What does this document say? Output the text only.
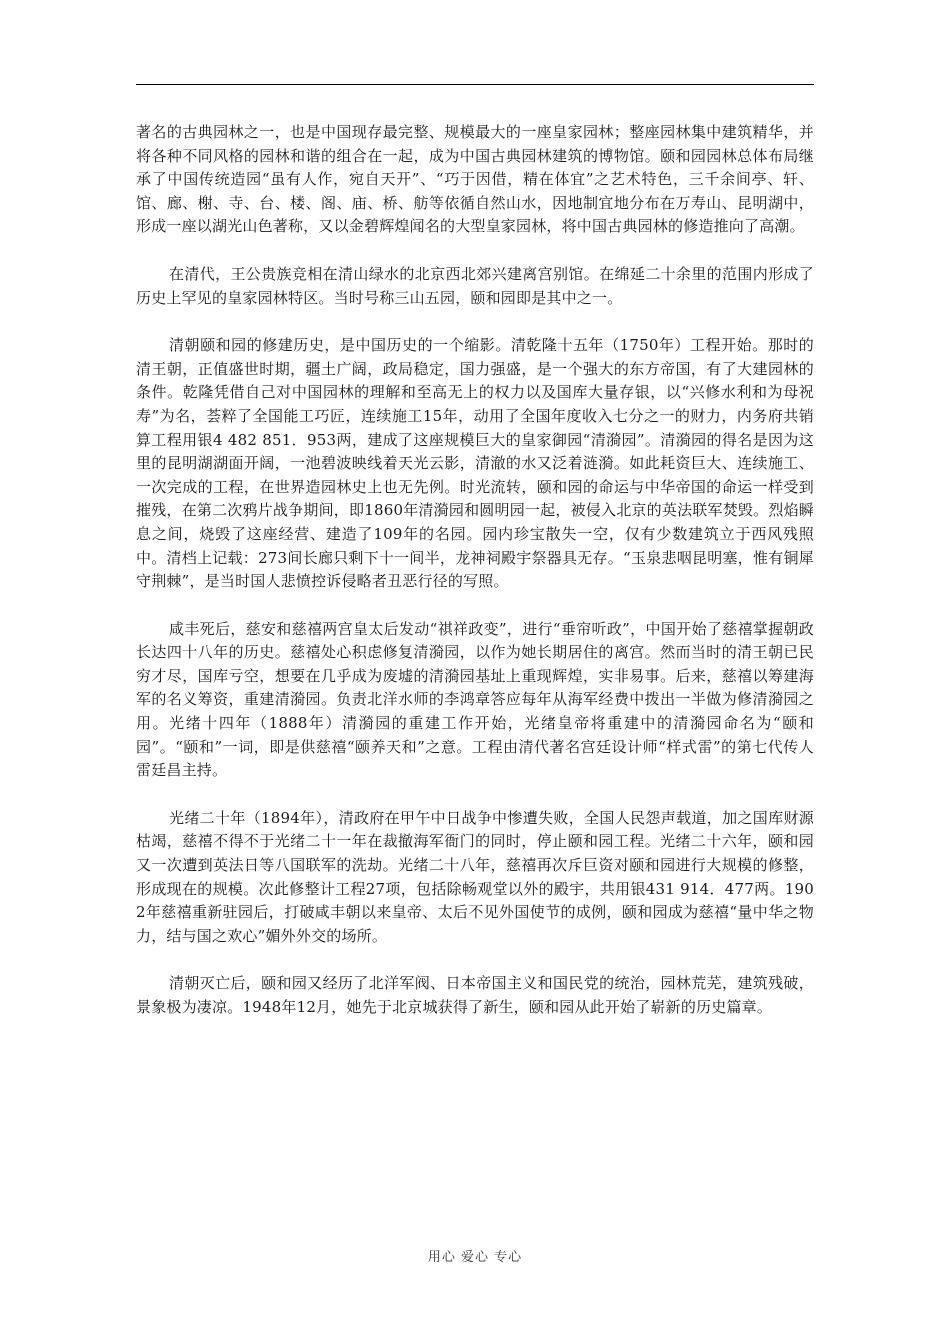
著名的古典园林之一，也是中国现存最完整、规模最大的一座皇家园林；整座园林集中建筑精华，并将各种不同风格的园林和谐的组合在一起，成为中国古典园林建筑的博物馆。颐和园园林总体布局继承了中国传统造园“虽有人作，宛自天开”、“巧于因借，精在体宜”之艺术特色，三千余间亭、轩、馆、廊、榭、寺、台、楼、阁、庙、桥、舫等依循自然山水，因地制宜地分布在万寿山、昆明湖中，形成一座以湖光山色著称，又以金碧辉煌闻名的大型皇家园林，将中国古典园林的修造推向了高潮。

在清代，王公贵族竞相在清山绿水的北京西北郊兴建离宫别馆。在绵延二十余里的范围内形成了历史上罕见的皇家园林特区。当时号称三山五园，颐和园即是其中之一。

清朝颐和园的修建历史，是中国历史的一个缩影。清乾隆十五年（1750年）工程开始。那时的清王朝，正值盛世时期，疆土广阔，政局稳定，国力强盛，是一个强大的东方帝国，有了大建园林的条件。乾隆凭借自己对中国园林的理解和至高无上的权力以及国库大量存银，以“兴修水利和为母祝寿”为名，荟粹了全国能工巧匠，连续施工15年，动用了全国年度收入七分之一的财力，内务府共销算工程用银4 482 851．953两，建成了这座规模巨大的皇家御园“清漪园”。清漪园的得名是因为这里的昆明湖湖面开阔，一池碧波映线着天光云影，清澈的水又泛着涟漪。如此耗资巨大、连续施工、一次完成的工程，在世界造园林史上也无先例。时光流转，颐和园的命运与中华帝国的命运一样受到摧残，在第二次鸦片战争期间，即1860年清漪园和圆明园一起，被侵入北京的英法联军焚毁。烈焰瞬息之间，烧毁了这座经营、建造了109年的名园。园内珍宝散失一空，仅有少数建筑立于西风残照中。清档上记载：273间长廊只剩下十一间半，龙神祠殿宇祭器具无存。“玉泉悲咽昆明塞，惟有铜犀守荆棘”，是当时国人悲愤控诉侵略者丑恶行径的写照。

咸丰死后，慈安和慈禧两宫皇太后发动“祺祥政变”，进行“垂帘听政”，中国开始了慈禧掌握朝政长达四十八年的历史。慈禧处心积虑修复清漪园，以作为她长期居住的离宫。然而当时的清王朝已民穷才尽，国库亏空，想要在几乎成为废墟的清漪园基址上重现辉煌，实非易事。后来，慈禧以筹建海军的名义筹资，重建清漪园。负责北洋水师的李鸿章答应每年从海军经费中拨出一半做为修清漪园之用。光绪十四年（1888年）清漪园的重建工作开始，光绪皇帝将重建中的清漪园命名为“颐和园”。“颐和”一词，即是供慈禧“颐养天和”之意。工程由清代著名宫廷设计师“样式雷”的第七代传人雷廷昌主持。

光绪二十年（1894年），清政府在甲午中日战争中惨遭失败，全国人民怨声载道，加之国库财源枯竭，慈禧不得不于光绪二十一年在裁撤海军衙门的同时，停止颐和园工程。光绪二十六年，颐和园又一次遭到英法日等八国联军的洗劫。光绪二十八年，慈禧再次斥巨资对颐和园进行大规模的修整，形成现在的规模。次此修整计工程27项，包括除畅观堂以外的殿宇，共用银431 914．477两。1902年慈禧重新驻园后，打破咸丰朝以来皇帝、太后不见外国使节的成例，颐和园成为慈禧“量中华之物力，结与国之欢心”媚外外交的场所。

清朝灭亡后，颐和园又经历了北洋军阀、日本帝国主义和国民党的统治，园林荒芜，建筑残破，景象极为凄凉。1948年12月，她先于北京城获得了新生，颐和园从此开始了崭新的历史篇章。

用心 爱心 专心
